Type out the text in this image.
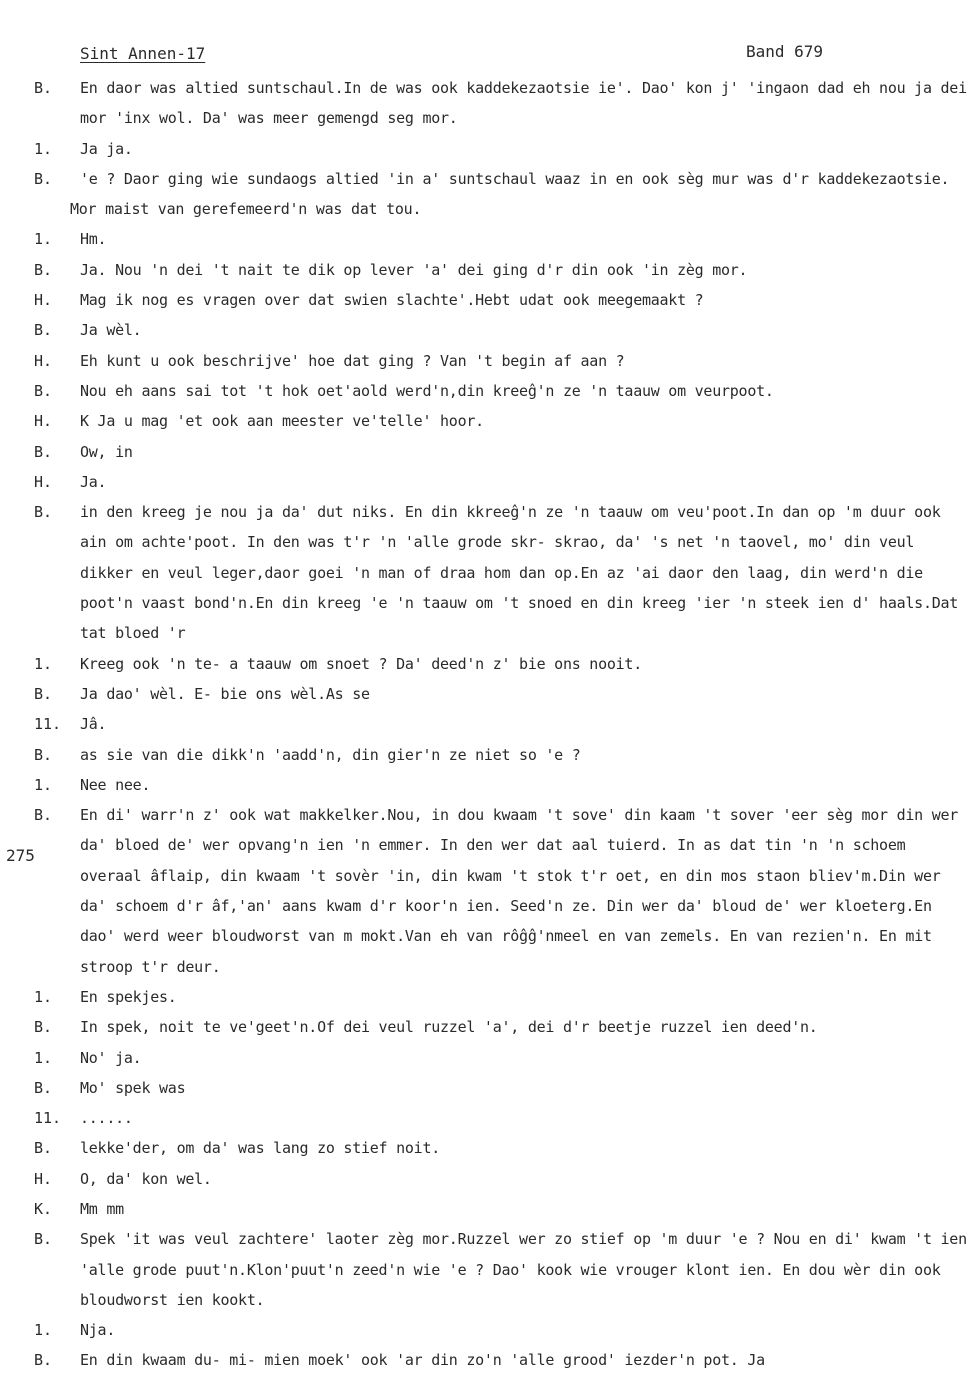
Sint Annen-17	Band 679
275
B. En daor was altied suntschaul.In de was ook kaddekezaotsie ie'. Dao' kon j' 'ingaon dad eh nou ja dei mor 'inx wol. Da' was meer gemengd seg mor.
1. Ja ja.
B.	'e ? Daor ging wie sundaogs altied 'in a' suntschaul waaz in en ook sèg mur was d'r kaddekezaotsie. Mor maist van gerefemeerd'n was dat tou.
1. Hm.
B. Ja. Nou 'n dei 't nait te dik op lever 'a' dei ging d'r din ook 'in zèg mor.
H. Mag ik nog es vragen over dat swien slachte'.Hebt udat ook meegemaakt ?
B. Ja wèl.
H. Eh kunt u ook beschrijve' hoe dat ging ? Van 't begin af aan ?
B. Nou eh aans sai tot 't hok oet'aold werd'n,din kreeĝ'n ze 'n taauw om veurpoot.
H. K Ja u mag 'et ook aan meester ve'telle' hoor.
B. Ow, in
H. Ja.
B. in den kreeg je nou ja da' dut niks. En din kkreeĝ'n ze 'n taauw om veu'poot.In dan op 'm duur ook ain om achte'poot. In den was t'r 'n 'alle grode skr- skrao, da' 's net 'n taovel, mo' din veul dikker en veul leger,daor goei 'n man of draa hom dan op.En az 'ai daor den laag, din werd'n die poot'n vaast bond'n.En din kreeg 'e 'n taauw om 't snoed en din kreeg 'ier 'n steek ien d' haals.Dat tat bloed 'r
1. Kreeg ook 'n te- a taauw om snoet ? Da' deed'n z' bie ons nooit.
B. Ja dao' wèl. E- bie ons wèl.As se
11. Jâ.
B. as sie van die dikk'n 'aadd'n, din gier'n ze niet so 'e ?
1. Nee nee.
B. En di' warr'n z' ook wat makkelker.Nou, in dou kwaam 't sove' din kaam 't sover 'eer sèg mor din wer da' bloed de' wer opvang'n ien 'n emmer. In den wer dat aal tuierd. In as dat tin 'n 'n schoem overaal âflaip, din kwaam 't sovèr 'in, din kwam 't stok t'r oet, en din mos staon bliev'm.Din wer da' schoem d'r âf,'an' aans kwam d'r koor'n ien. Seed'n ze. Din wer da' bloud de' wer kloeterg.En dao' werd weer bloudworst van m mokt.Van eh van rôĝĝ'nmeel en van zemels. En van rezien'n. En mit stroop t'r deur.
1. En spekjes.
B. In spek, noit te ve'geet'n.Of dei veul ruzzel 'a', dei d'r beetje ruzzel ien deed'n.
1. No' ja.
B. Mo' spek was
11. ......
B. lekke'der, om da' was lang zo stief noit.
H. O, da' kon wel.
K. Mm mm
B. Spek 'it was veul zachtere' laoter zèg mor.Ruzzel wer zo stief op 'm duur 'e ? Nou en di' kwam 't ien 'alle grode puut'n.Klon'puut'n zeed'n wie 'e ? Dao' kook wie vrouger klont ien. En dou wèr din ook bloudworst ien kookt.
1. Nja.
B. En din kwaam du- mi- mien moek' ook 'ar din zo'n 'alle grood' iezder'n pot. Ja
